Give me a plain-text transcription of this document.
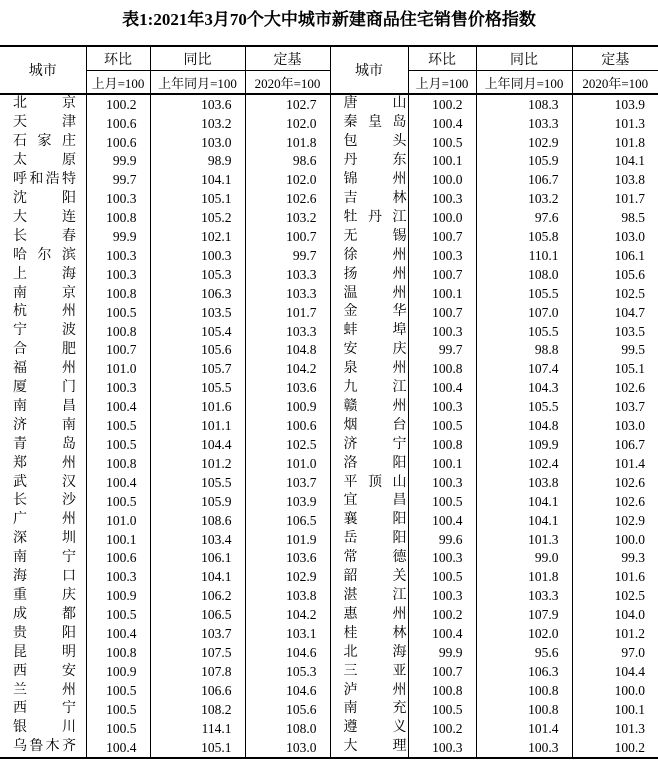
表1:2021年3月70个大中城市新建商品住宅销售价格指数
城市	环比	同比	定基	城市	环比	同比	定基
	上月=100	上年同月=100	2020年=100		上月=100	上年同月=100	2020年=100
北京	100.2	103.6	102.7	唐山	100.2	108.3	103.9
天津	100.6	103.2	102.0	秦皇岛	100.4	103.3	101.3
石家庄	100.6	103.0	101.8	包头	100.5	102.9	101.8
太原	99.9	98.9	98.6	丹东	100.1	105.9	104.1
呼和浩特	99.7	104.1	102.0	锦州	100.0	106.7	103.8
沈阳	100.3	105.1	102.6	吉林	100.3	103.2	101.7
大连	100.8	105.2	103.2	牡丹江	100.0	97.6	98.5
长春	99.9	102.1	100.7	无锡	100.7	105.8	103.0
哈尔滨	100.3	100.3	99.7	徐州	100.3	110.1	106.1
上海	100.3	105.3	103.3	扬州	100.7	108.0	105.6
南京	100.8	106.3	103.3	温州	100.1	105.5	102.5
杭州	100.5	103.5	101.7	金华	100.7	107.0	104.7
宁波	100.8	105.4	103.3	蚌埠	100.3	105.5	103.5
合肥	100.7	105.6	104.8	安庆	99.7	98.8	99.5
福州	101.0	105.7	104.2	泉州	100.8	107.4	105.1
厦门	100.3	105.5	103.6	九江	100.4	104.3	102.6
南昌	100.4	101.6	100.9	赣州	100.3	105.5	103.7
济南	100.5	101.1	100.6	烟台	100.5	104.8	103.0
青岛	100.5	104.4	102.5	济宁	100.8	109.9	106.7
郑州	100.8	101.2	101.0	洛阳	100.1	102.4	101.4
武汉	100.4	105.5	103.7	平顶山	100.3	103.8	102.6
长沙	100.5	105.9	103.9	宜昌	100.5	104.1	102.6
广州	101.0	108.6	106.5	襄阳	100.4	104.1	102.9
深圳	100.1	103.4	101.9	岳阳	99.6	101.3	100.0
南宁	100.6	106.1	103.6	常德	100.3	99.0	99.3
海口	100.3	104.1	102.9	韶关	100.5	101.8	101.6
重庆	100.9	106.2	103.8	湛江	100.3	103.3	102.5
成都	100.5	106.5	104.2	惠州	100.2	107.9	104.0
贵阳	100.4	103.7	103.1	桂林	100.4	102.0	101.2
昆明	100.8	107.5	104.6	北海	99.9	95.6	97.0
西安	100.9	107.8	105.3	三亚	100.7	106.3	104.4
兰州	100.5	106.6	104.6	泸州	100.8	100.8	100.0
西宁	100.5	108.2	105.6	南充	100.5	100.8	100.1
银川	100.5	114.1	108.0	遵义	100.2	101.4	101.3
乌鲁木齐	100.4	105.1	103.0	大理	100.3	100.3	100.2
